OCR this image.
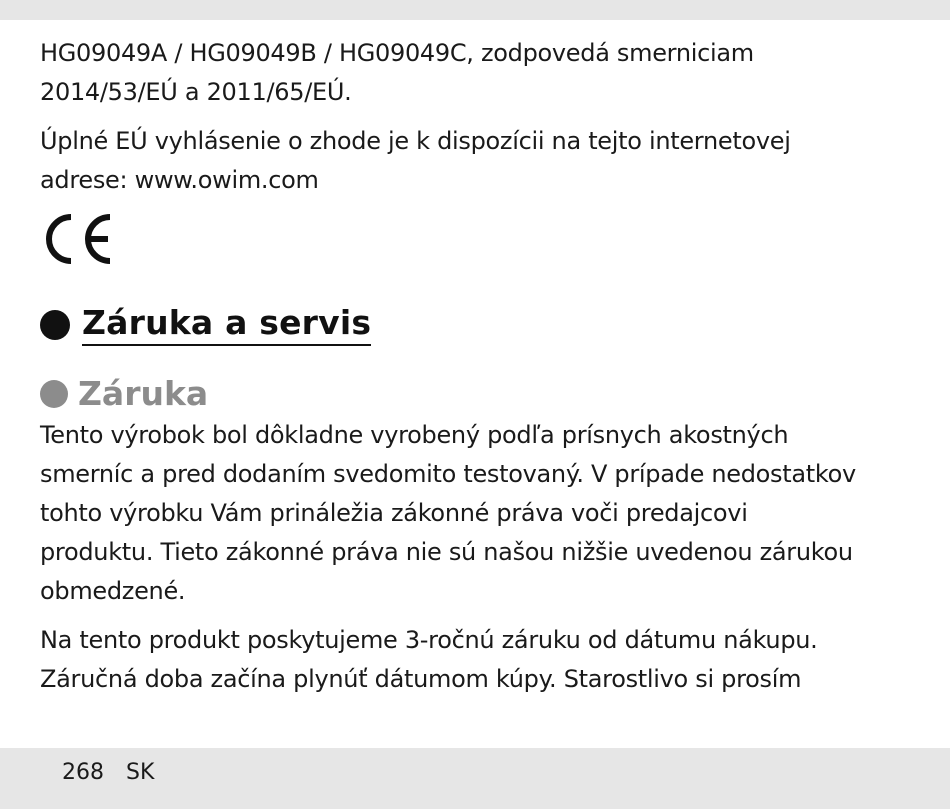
HG09049A / HG09049B / HG09049C, zodpovedá smerniciam
2014/53/EÚ a 2011/65/EÚ.

Úplné EÚ vyhlásenie o zhode je k dispozícii na tejto internetovej
adrese: www.owim.com

Záruka a servis
Záruka

Tento výrobok bol dôkladne vyrobený podľa prísnych akostných
smerníc a pred dodaním svedomito testovaný. V prípade nedostatkov
tohto výrobku Vám prináležia zákonné práva voči predajcovi
produktu. Tieto zákonné práva nie sú našou nižšie uvedenou zárukou
obmedzené.

Na tento produkt poskytujeme 3-ročnú záruku od dátumu nákupu.
Záručná doba začína plynúť dátumom kúpy. Starostlivo si prosím

268 SK
